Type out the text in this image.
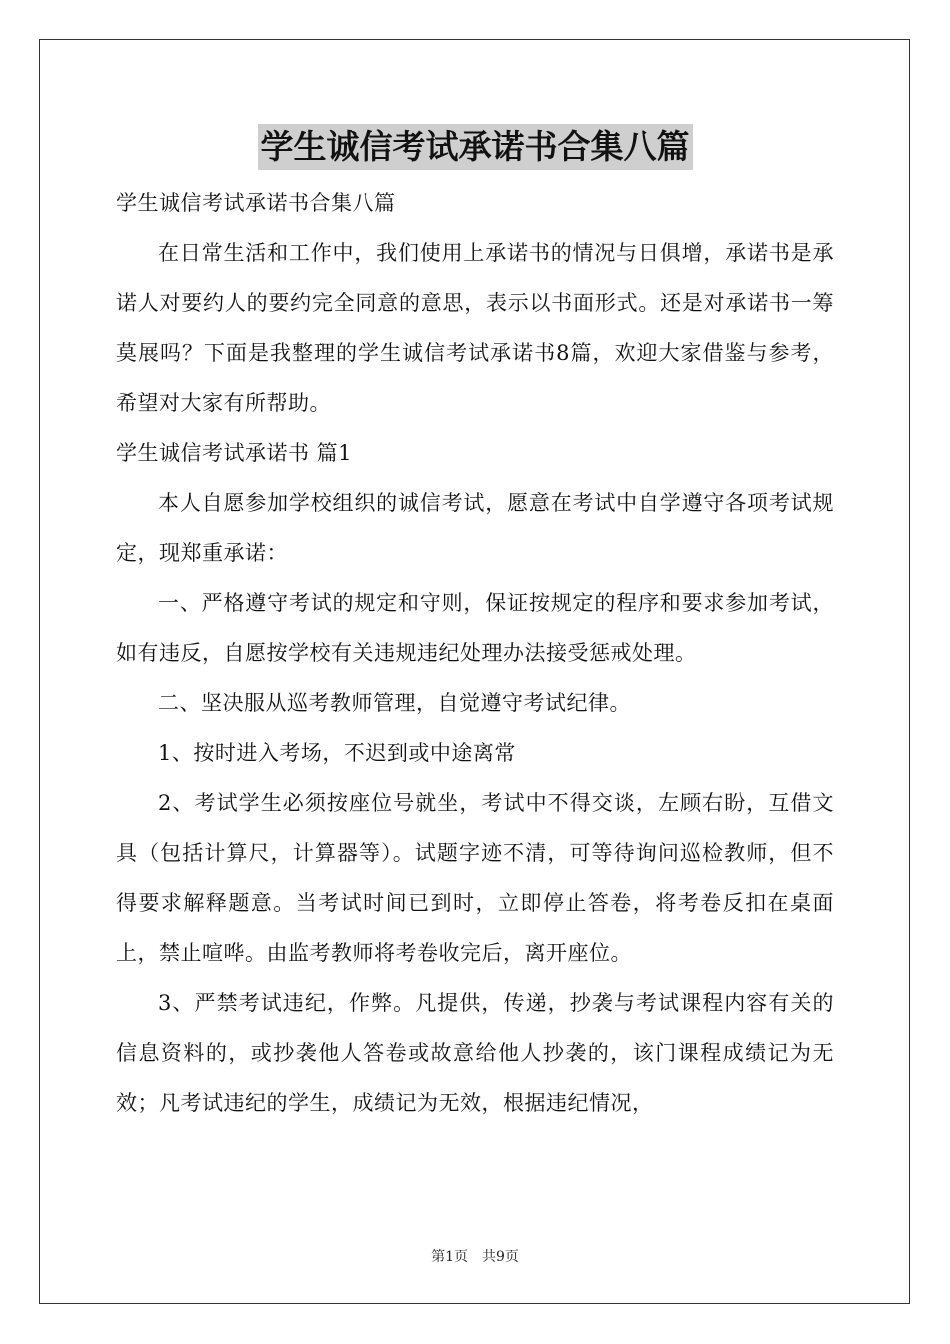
学生诚信考试承诺书合集八篇

学生诚信考试承诺书合集八篇

在日常生活和工作中，我们使用上承诺书的情况与日俱增，承诺书是承诺人对要约人的要约完全同意的意思，表示以书面形式。还是对承诺书一筹莫展吗？下面是我整理的学生诚信考试承诺书8篇，欢迎大家借鉴与参考，希望对大家有所帮助。

学生诚信考试承诺书 篇1

本人自愿参加学校组织的诚信考试，愿意在考试中自学遵守各项考试规定，现郑重承诺：

一、严格遵守考试的规定和守则，保证按规定的程序和要求参加考试，如有违反，自愿按学校有关违规违纪处理办法接受惩戒处理。

二、坚决服从巡考教师管理，自觉遵守考试纪律。

1、按时进入考场，不迟到或中途离常

2、考试学生必须按座位号就坐，考试中不得交谈，左顾右盼，互借文具（包括计算尺，计算器等）。试题字迹不清，可等待询问巡检教师，但不得要求解释题意。当考试时间已到时，立即停止答卷，将考卷反扣在桌面上，禁止喧哗。由监考教师将考卷收完后，离开座位。

3、严禁考试违纪，作弊。凡提供，传递，抄袭与考试课程内容有关的信息资料的，或抄袭他人答卷或故意给他人抄袭的，该门课程成绩记为无效；凡考试违纪的学生，成绩记为无效，根据违纪情况，

第1页 共9页
